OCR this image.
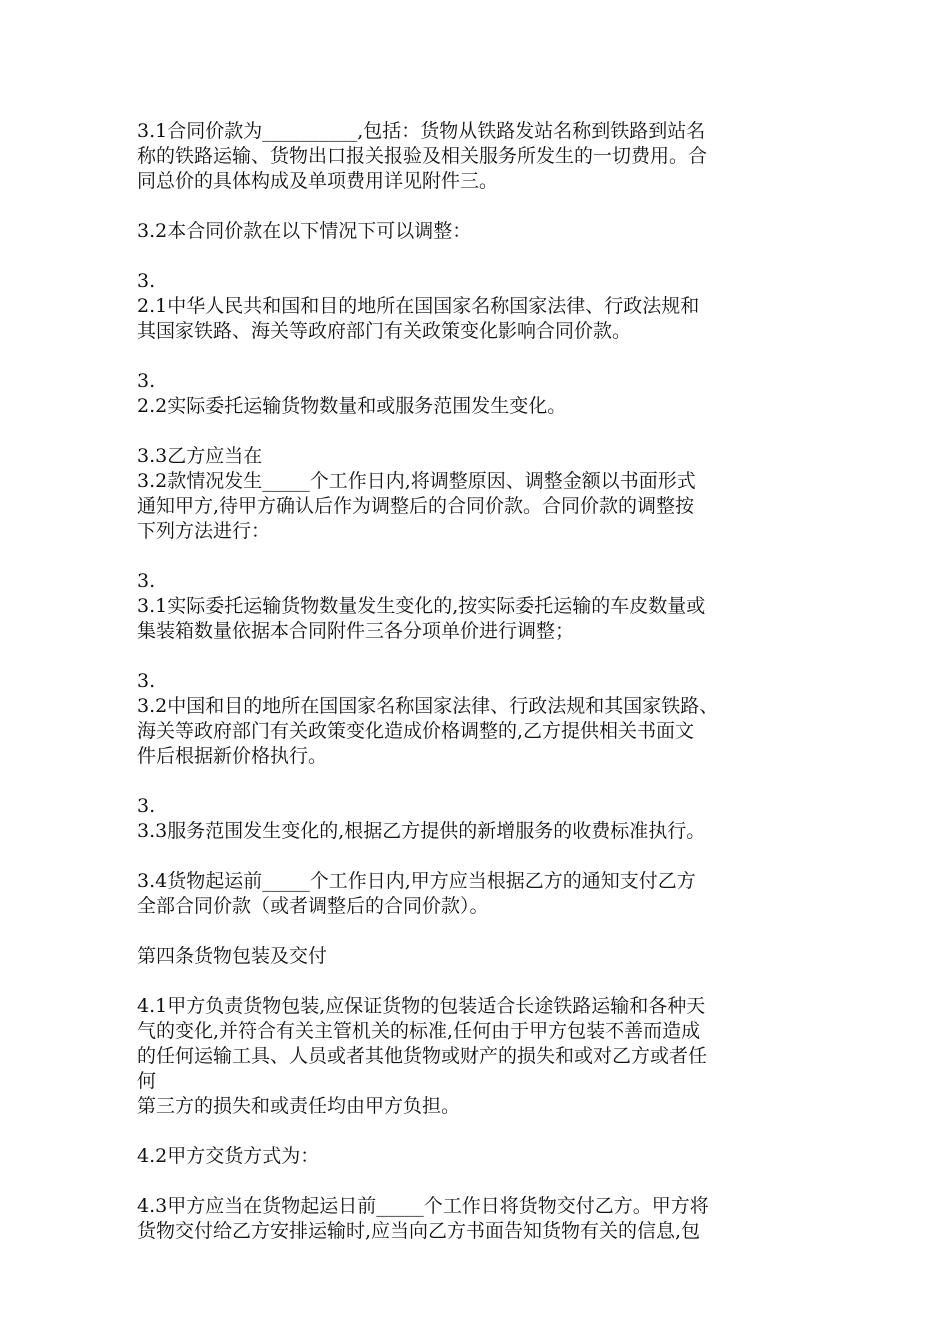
3.1合同价款为__________,包括：货物从铁路发站名称到铁路到站名
称的铁路运输、货物出口报关报验及相关服务所发生的一切费用。合
同总价的具体构成及单项费用详见附件三。

3.2本合同价款在以下情况下可以调整：

3.
2.1中华人民共和国和目的地所在国国家名称国家法律、行政法规和
其国家铁路、海关等政府部门有关政策变化影响合同价款。

3.
2.2实际委托运输货物数量和或服务范围发生变化。

3.3乙方应当在
3.2款情况发生_____个工作日内,将调整原因、调整金额以书面形式
通知甲方,待甲方确认后作为调整后的合同价款。合同价款的调整按
下列方法进行：

3.
3.1实际委托运输货物数量发生变化的,按实际委托运输的车皮数量或
集装箱数量依据本合同附件三各分项单价进行调整；

3.
3.2中国和目的地所在国国家名称国家法律、行政法规和其国家铁路、
海关等政府部门有关政策变化造成价格调整的,乙方提供相关书面文
件后根据新价格执行。

3.
3.3服务范围发生变化的,根据乙方提供的新增服务的收费标准执行。

3.4货物起运前_____个工作日内,甲方应当根据乙方的通知支付乙方
全部合同价款（或者调整后的合同价款）。

第四条货物包装及交付

4.1甲方负责货物包装,应保证货物的包装适合长途铁路运输和各种天
气的变化,并符合有关主管机关的标准,任何由于甲方包装不善而造成
的任何运输工具、人员或者其他货物或财产的损失和或对乙方或者任
何
第三方的损失和或责任均由甲方负担。

4.2甲方交货方式为：

4.3甲方应当在货物起运日前_____个工作日将货物交付乙方。甲方将
货物交付给乙方安排运输时,应当向乙方书面告知货物有关的信息,包
